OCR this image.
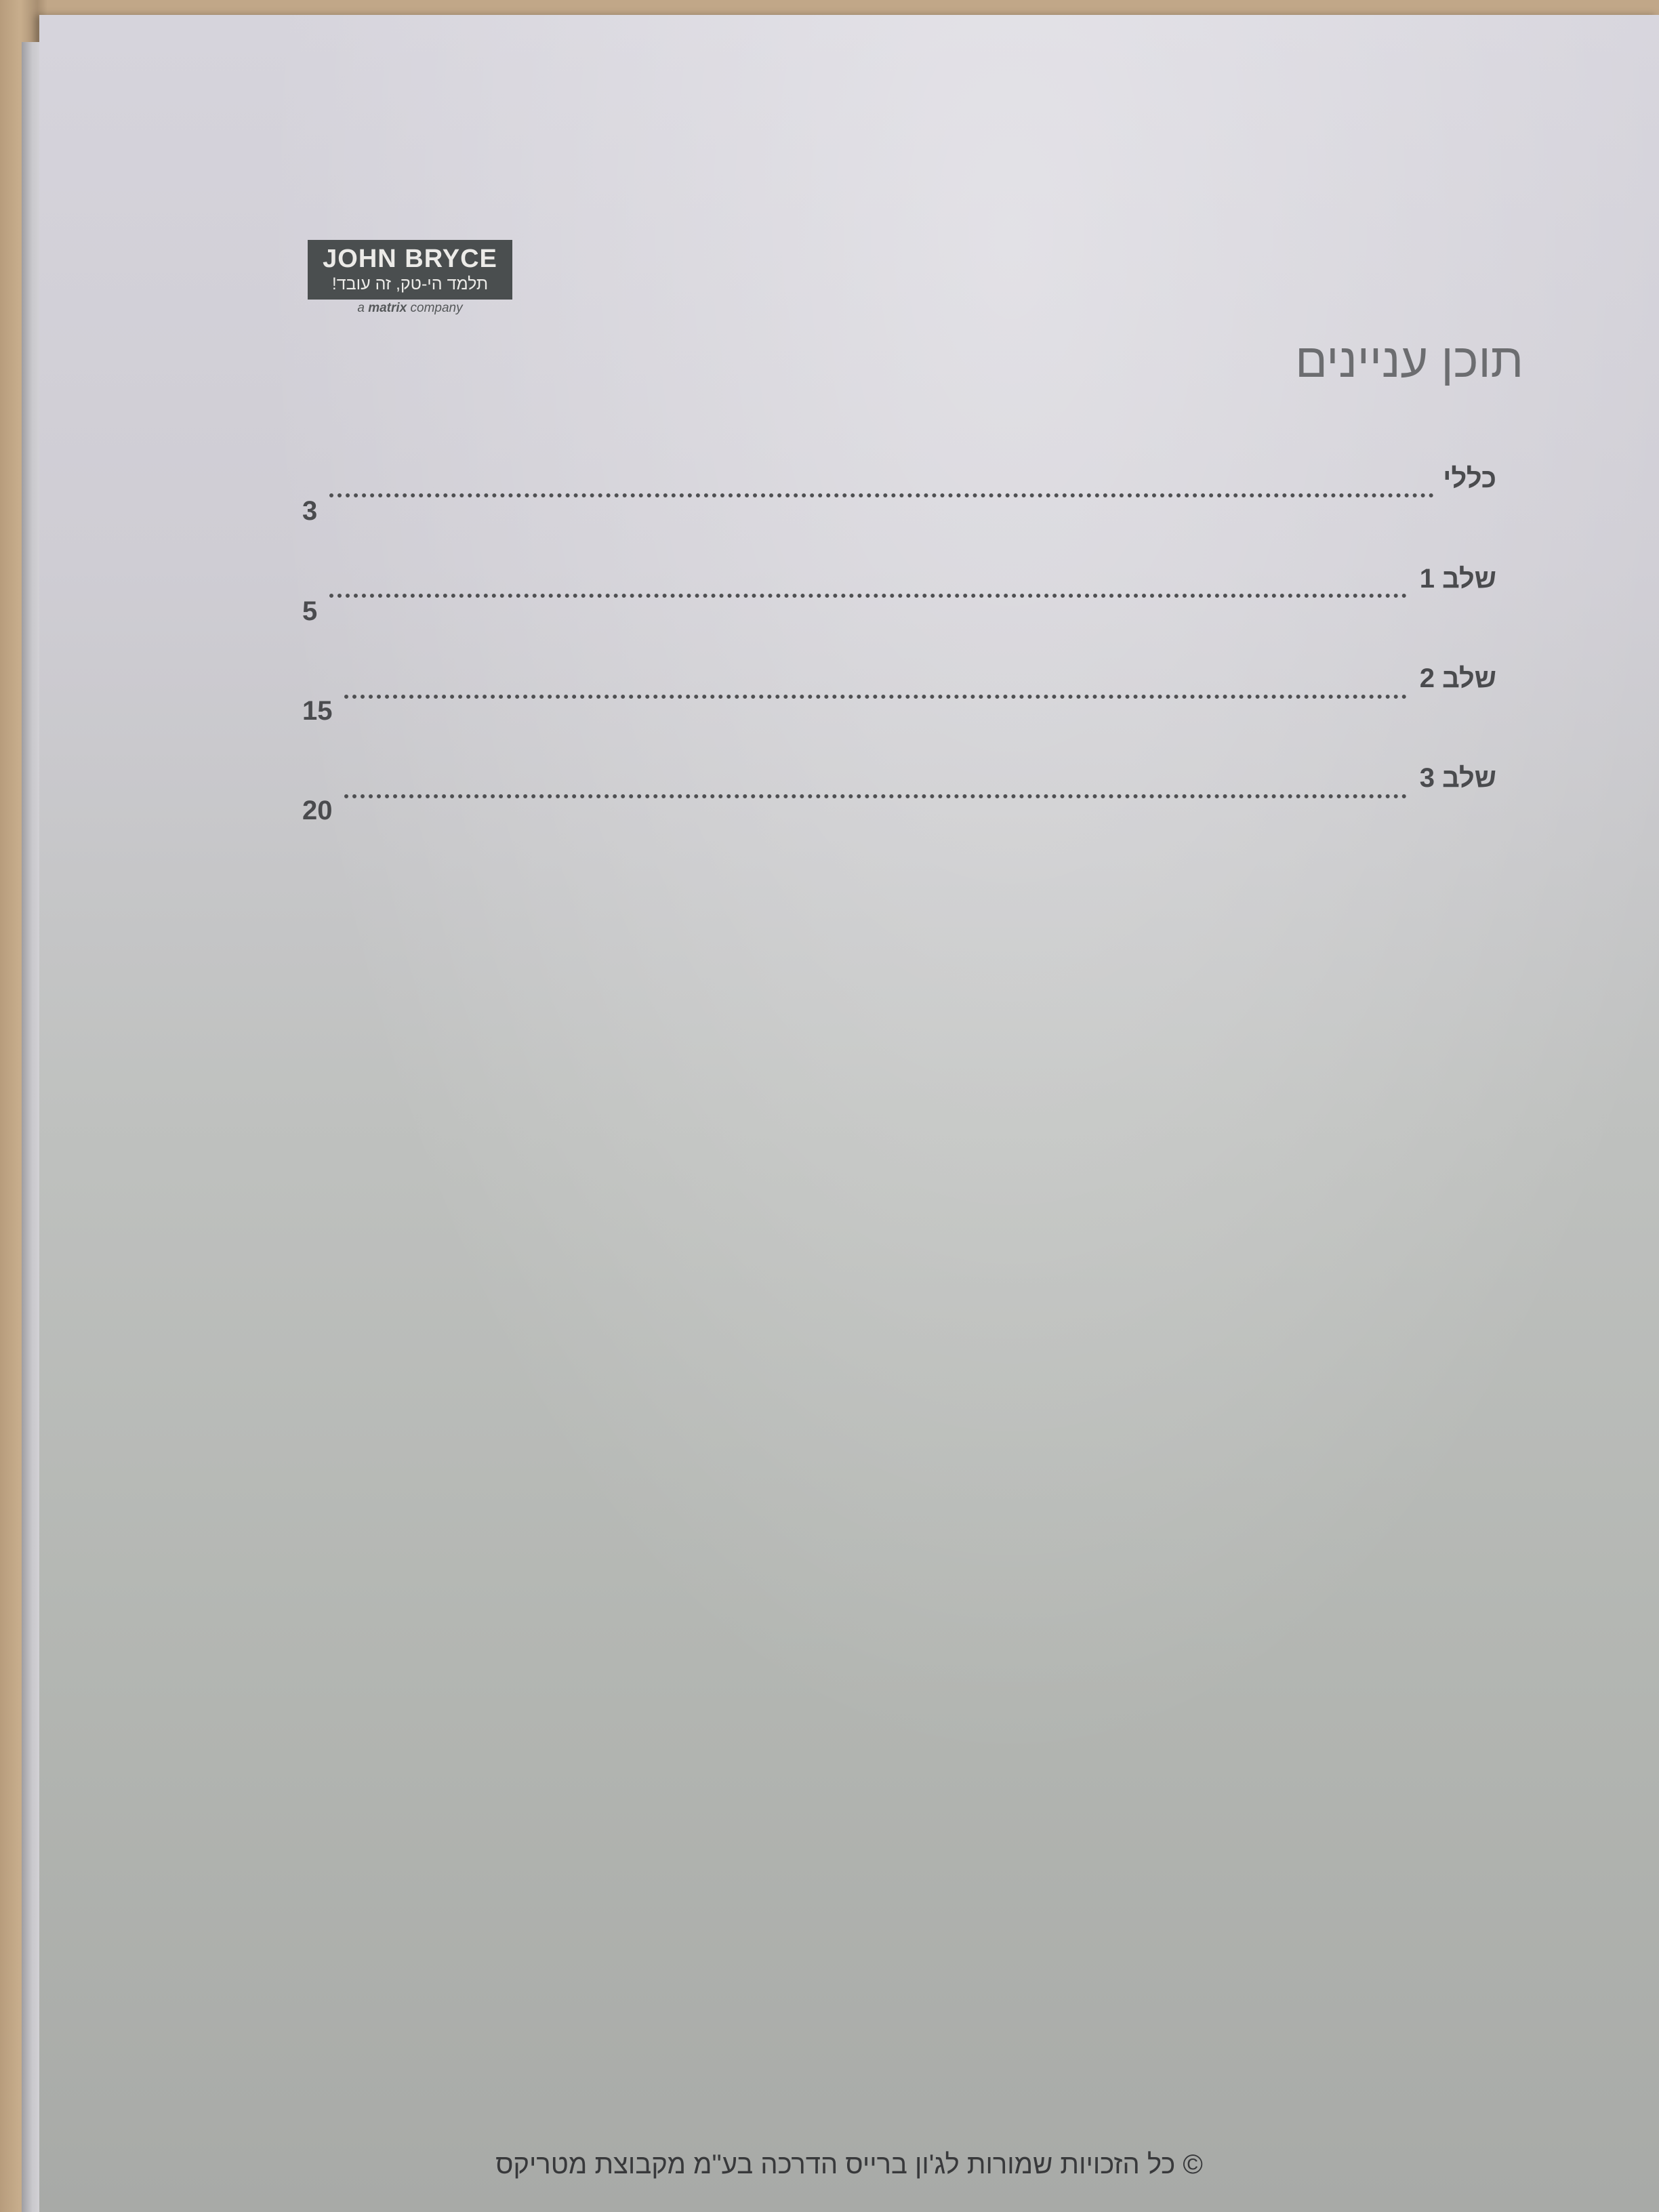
JOHN BRYCE
תלמד הי-טק, זה עובד!
a matrix company
תוכן עניינים
כללי
3
שלב 1
5
שלב 2
15
שלב 3
20
© כל הזכויות שמורות לג'ון ברייס הדרכה בע"מ מקבוצת מטריקס
